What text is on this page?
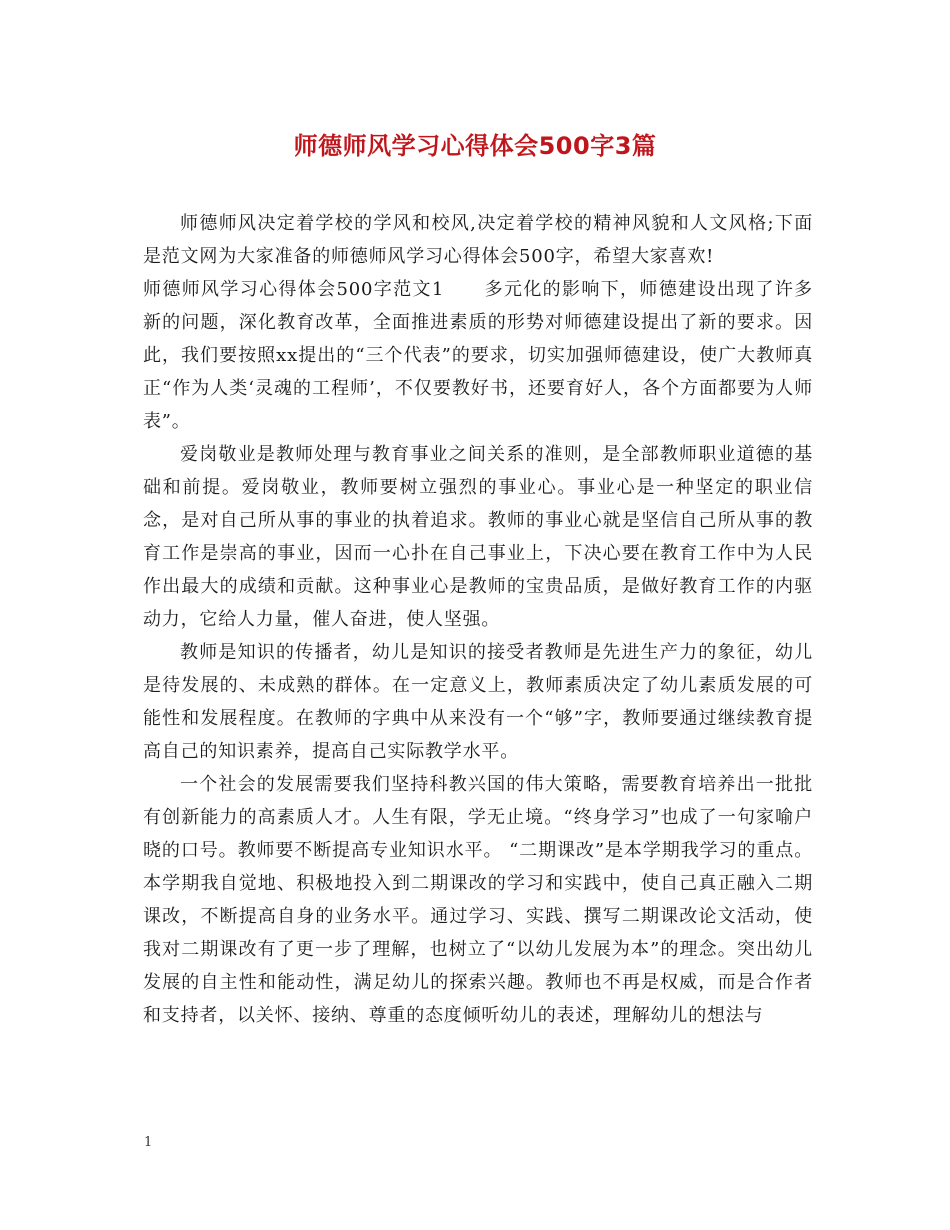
师德师风学习心得体会500字3篇

师德师风决定着学校的学风和校风,决定着学校的精神风貌和人文风格;下面是范文网为大家准备的师德师风学习心得体会500字，希望大家喜欢!

师德师风学习心得体会500字范文1 多元化的影响下，师德建设出现了许多新的问题，深化教育改革，全面推进素质的形势对师德建设提出了新的要求。因此，我们要按照xx提出的“三个代表”的要求，切实加强师德建设，使广大教师真正“作为人类‘灵魂的工程师’，不仅要教好书，还要育好人，各个方面都要为人师表”。

爱岗敬业是教师处理与教育事业之间关系的准则，是全部教师职业道德的基础和前提。爱岗敬业，教师要树立强烈的事业心。事业心是一种坚定的职业信念，是对自己所从事的事业的执着追求。教师的事业心就是坚信自己所从事的教育工作是崇高的事业，因而一心扑在自己事业上，下决心要在教育工作中为人民作出最大的成绩和贡献。这种事业心是教师的宝贵品质，是做好教育工作的内驱动力，它给人力量，催人奋进，使人坚强。

教师是知识的传播者，幼儿是知识的接受者教师是先进生产力的象征，幼儿是待发展的、未成熟的群体。在一定意义上，教师素质决定了幼儿素质发展的可能性和发展程度。在教师的字典中从来没有一个“够”字，教师要通过继续教育提高自己的知识素养，提高自己实际教学水平。

一个社会的发展需要我们坚持科教兴国的伟大策略，需要教育培养出一批批有创新能力的高素质人才。人生有限，学无止境。“终身学习”也成了一句家喻户晓的口号。教师要不断提高专业知识水平。 “二期课改”是本学期我学习的重点。本学期我自觉地、积极地投入到二期课改的学习和实践中，使自己真正融入二期课改，不断提高自身的业务水平。通过学习、实践、撰写二期课改论文活动，使我对二期课改有了更一步了理解，也树立了“以幼儿发展为本”的理念。突出幼儿发展的自主性和能动性，满足幼儿的探索兴趣。教师也不再是权威，而是合作者和支持者，以关怀、接纳、尊重的态度倾听幼儿的表述，理解幼儿的想法与

1
